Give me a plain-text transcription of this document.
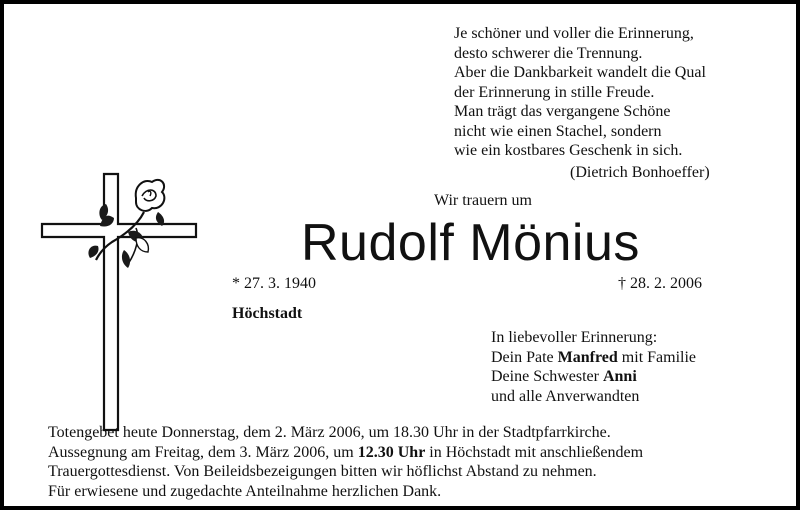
Je schöner und voller die Erinnerung,
desto schwerer die Trennung.
Aber die Dankbarkeit wandelt die Qual
der Erinnerung in stille Freude.
Man trägt das vergangene Schöne
nicht wie einen Stachel, sondern
wie ein kostbares Geschenk in sich.
(Dietrich Bonhoeffer)
Wir trauern um
Rudolf Mönius
* 27. 3. 1940	† 28. 2. 2006
Höchstadt
In liebevoller Erinnerung:
Dein Pate Manfred mit Familie
Deine Schwester Anni
und alle Anverwandten
Totengebet heute Donnerstag, dem 2. März 2006, um 18.30 Uhr in der Stadtpfarrkirche.
Aussegnung am Freitag, dem 3. März 2006, um 12.30 Uhr in Höchstadt mit anschließendem
Trauergottesdienst. Von Beileidsbezeigungen bitten wir höflichst Abstand zu nehmen.
Für erwiesene und zugedachte Anteilnahme herzlichen Dank.
